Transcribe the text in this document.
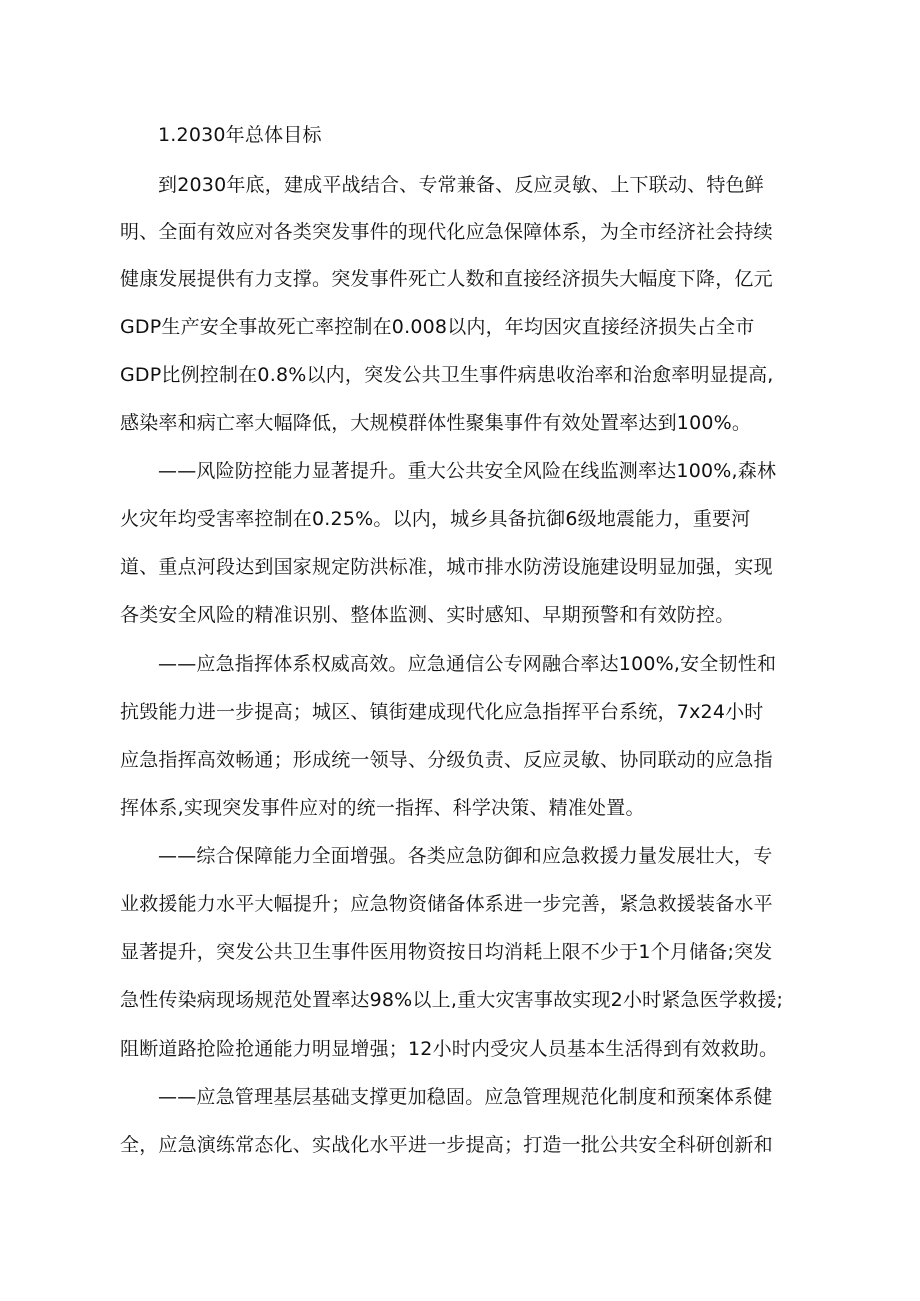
1.2030年总体目标
到2030年底，建成平战结合、专常兼备、反应灵敏、上下联动、特色鲜
明、全面有效应对各类突发事件的现代化应急保障体系，为全市经济社会持续
健康发展提供有力支撑。突发事件死亡人数和直接经济损失大幅度下降，亿元
GDP生产安全事故死亡率控制在0.008以内，年均因灾直接经济损失占全市
GDP比例控制在0.8%以内，突发公共卫生事件病患收治率和治愈率明显提高,
感染率和病亡率大幅降低，大规模群体性聚集事件有效处置率达到100%。
——风险防控能力显著提升。重大公共安全风险在线监测率达100%,森林
火灾年均受害率控制在0.25%。以内，城乡具备抗御6级地震能力，重要河
道、重点河段达到国家规定防洪标准，城市排水防涝设施建设明显加强，实现
各类安全风险的精准识别、整体监测、实时感知、早期预警和有效防控。
——应急指挥体系权威高效。应急通信公专网融合率达100%,安全韧性和
抗毁能力进一步提高；城区、镇街建成现代化应急指挥平台系统，7x24小时
应急指挥高效畅通；形成统一领导、分级负责、反应灵敏、协同联动的应急指
挥体系,实现突发事件应对的统一指挥、科学决策、精准处置。
——综合保障能力全面增强。各类应急防御和应急救援力量发展壮大，专
业救援能力水平大幅提升；应急物资储备体系进一步完善，紧急救援装备水平
显著提升，突发公共卫生事件医用物资按日均消耗上限不少于1个月储备;突发
急性传染病现场规范处置率达98%以上,重大灾害事故实现2小时紧急医学救援;
阻断道路抢险抢通能力明显增强；12小时内受灾人员基本生活得到有效救助。
——应急管理基层基础支撑更加稳固。应急管理规范化制度和预案体系健
全，应急演练常态化、实战化水平进一步提高；打造一批公共安全科研创新和
